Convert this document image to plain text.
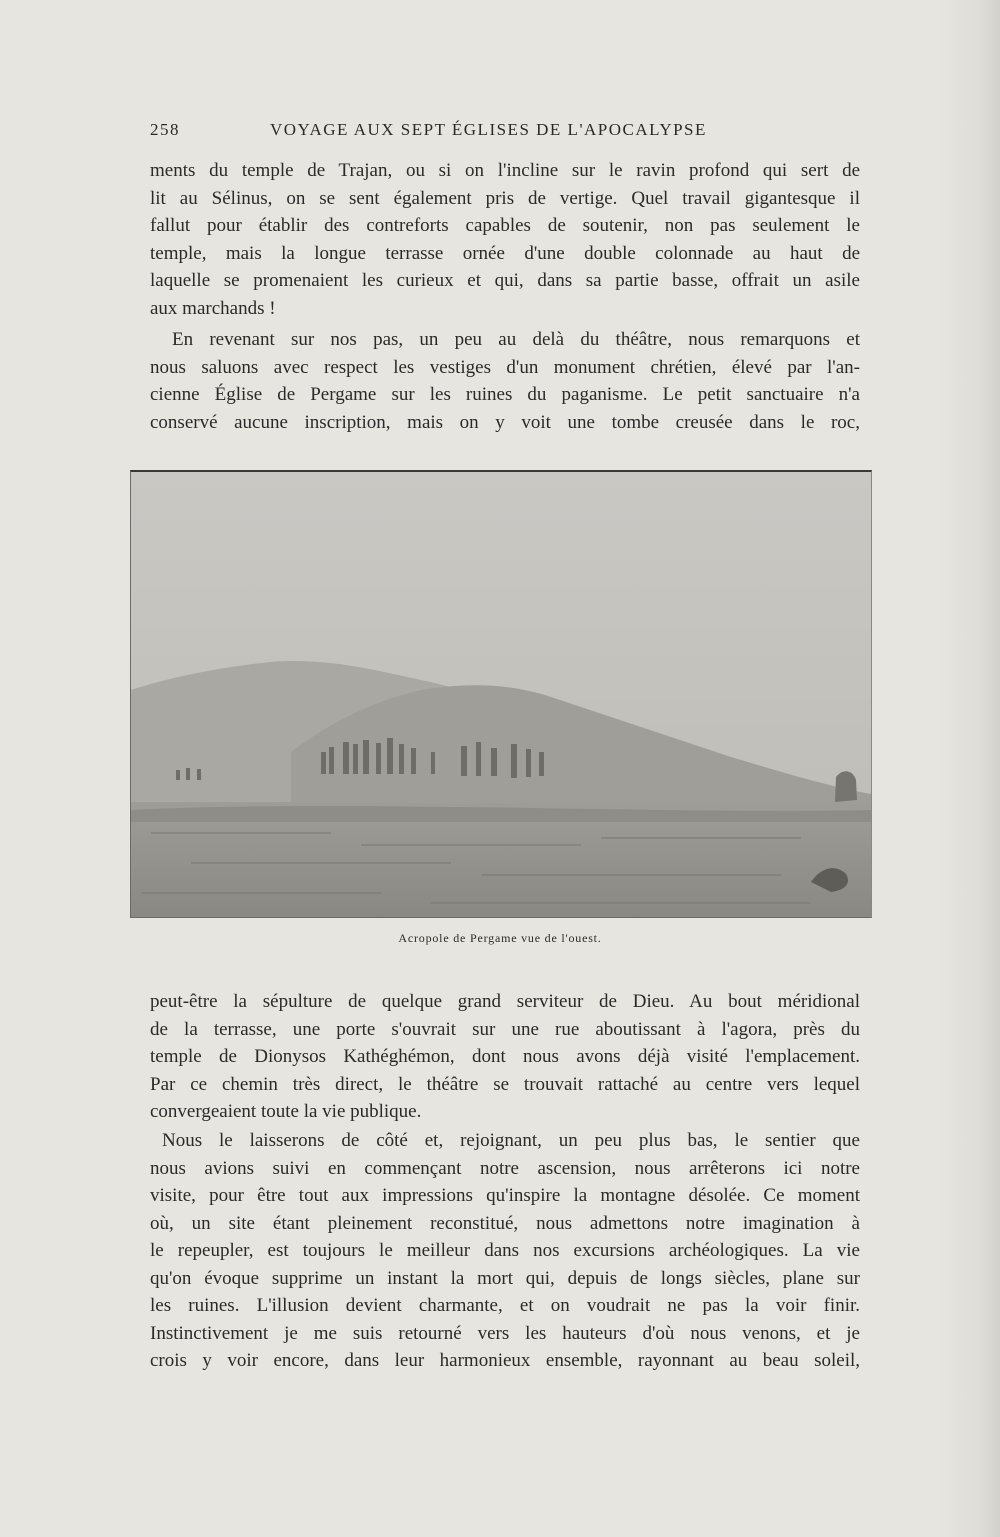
258	VOYAGE AUX SEPT ÉGLISES DE L'APOCALYPSE

ments du temple de Trajan, ou si on l'incline sur le ravin profond qui sert de
lit au Sélinus, on se sent également pris de vertige. Quel travail gigantesque il
fallut pour établir des contreforts capables de soutenir, non pas seulement le
temple, mais la longue terrasse ornée d'une double colonnade au haut de
laquelle se promenaient les curieux et qui, dans sa partie basse, offrait un asile
aux marchands !

En revenant sur nos pas, un peu au delà du théâtre, nous remarquons et
nous saluons avec respect les vestiges d'un monument chrétien, élevé par l'an-
cienne Église de Pergame sur les ruines du paganisme. Le petit sanctuaire n'a
conservé aucune inscription, mais on y voit une tombe creusée dans le roc,

Acropole de Pergame vue de l'ouest.

peut-être la sépulture de quelque grand serviteur de Dieu. Au bout méridional
de la terrasse, une porte s'ouvrait sur une rue aboutissant à l'agora, près du
temple de Dionysos Kathéghémon, dont nous avons déjà visité l'emplacement.
Par ce chemin très direct, le théâtre se trouvait rattaché au centre vers lequel
convergeaient toute la vie publique.

Nous le laisserons de côté et, rejoignant, un peu plus bas, le sentier que
nous avions suivi en commençant notre ascension, nous arrêterons ici notre
visite, pour être tout aux impressions qu'inspire la montagne désolée. Ce moment
où, un site étant pleinement reconstitué, nous admettons notre imagination à
le repeupler, est toujours le meilleur dans nos excursions archéologiques. La vie
qu'on évoque supprime un instant la mort qui, depuis de longs siècles, plane sur
les ruines. L'illusion devient charmante, et on voudrait ne pas la voir finir.
Instinctivement je me suis retourné vers les hauteurs d'où nous venons, et je
crois y voir encore, dans leur harmonieux ensemble, rayonnant au beau soleil,
